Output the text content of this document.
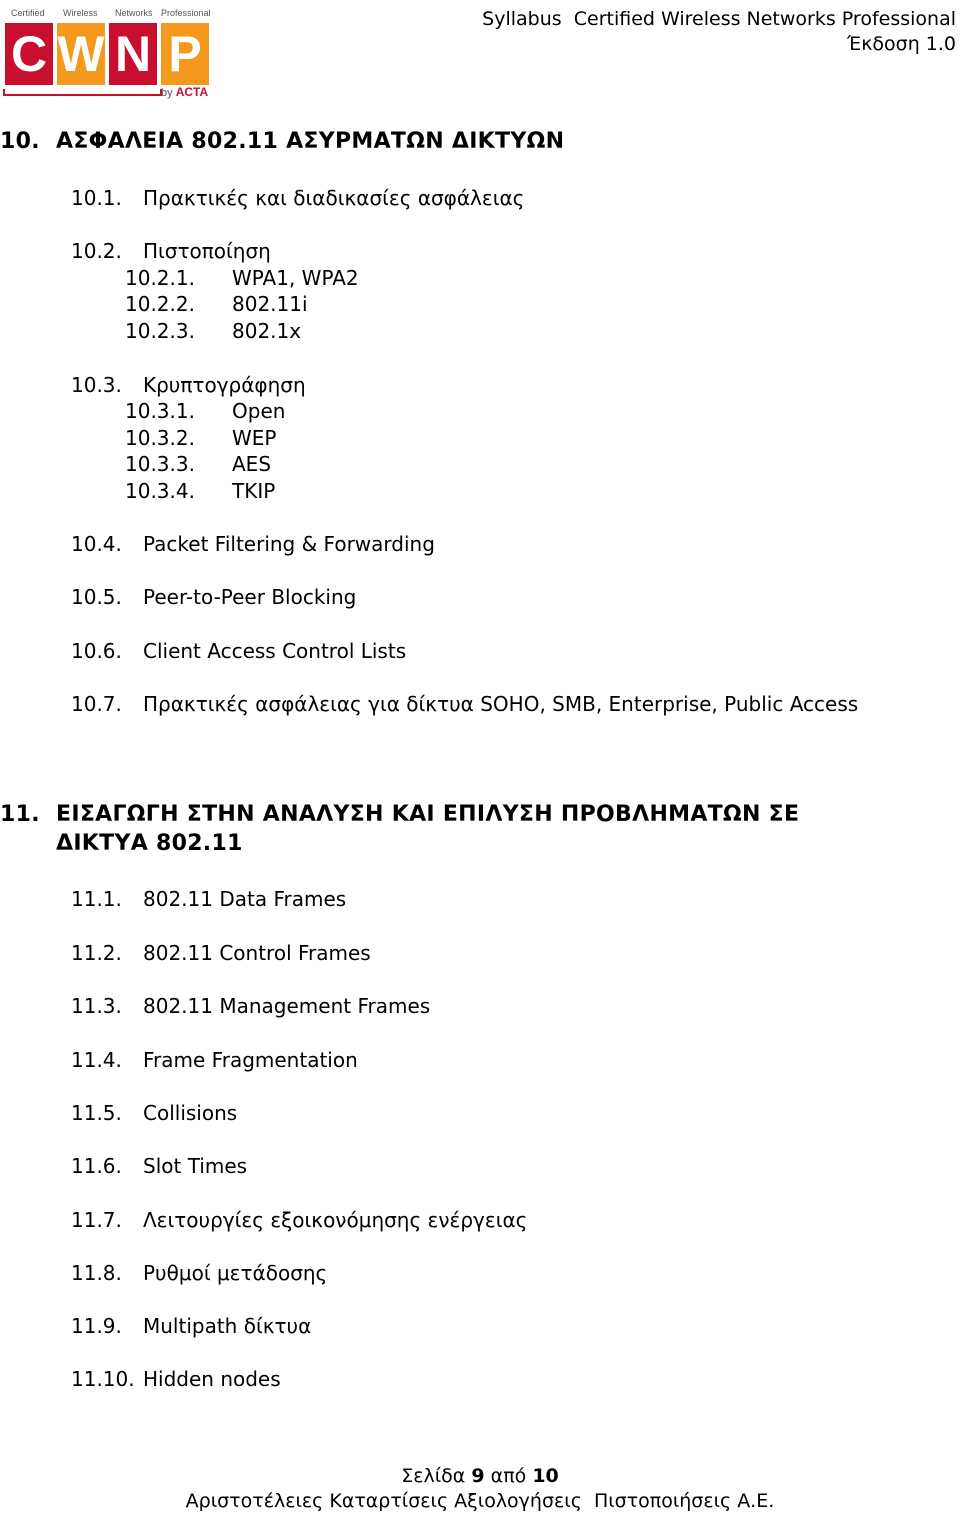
Certified Wireless Networks Professional
C W N P
by ACTA
Syllabus  Certified Wireless Networks Professional
Έκδοση 1.0
10. ΑΣΦΑΛΕΙΑ 802.11 ΑΣΥΡΜΑΤΩΝ ΔΙΚΤΥΩΝ
10.1. Πρακτικές και διαδικασίες ασφάλειας
10.2. Πιστοποίηση
10.2.1. WPA1, WPA2
10.2.2. 802.11i
10.2.3. 802.1x
10.3. Κρυπτογράφηση
10.3.1. Open
10.3.2. WEP
10.3.3. AES
10.3.4. TKIP
10.4. Packet Filtering & Forwarding
10.5. Peer-to-Peer Blocking
10.6. Client Access Control Lists
10.7. Πρακτικές ασφάλειας για δίκτυα SOHO, SMB, Enterprise, Public Access
11. ΕΙΣΑΓΩΓΗ ΣΤΗΝ ΑΝΑΛΥΣΗ ΚΑΙ ΕΠΙΛΥΣΗ ΠΡΟΒΛΗΜΑΤΩΝ ΣΕ
ΔΙΚΤΥΑ 802.11
11.1. 802.11 Data Frames
11.2. 802.11 Control Frames
11.3. 802.11 Management Frames
11.4. Frame Fragmentation
11.5. Collisions
11.6. Slot Times
11.7. Λειτουργίες εξοικονόμησης ενέργειας
11.8. Ρυθμοί μετάδοσης
11.9. Multipath δίκτυα
11.10. Hidden nodes
Σελίδα 9 από 10
Αριστοτέλειες Καταρτίσεις Αξιολογήσεις  Πιστοποιήσεις Α.Ε.
